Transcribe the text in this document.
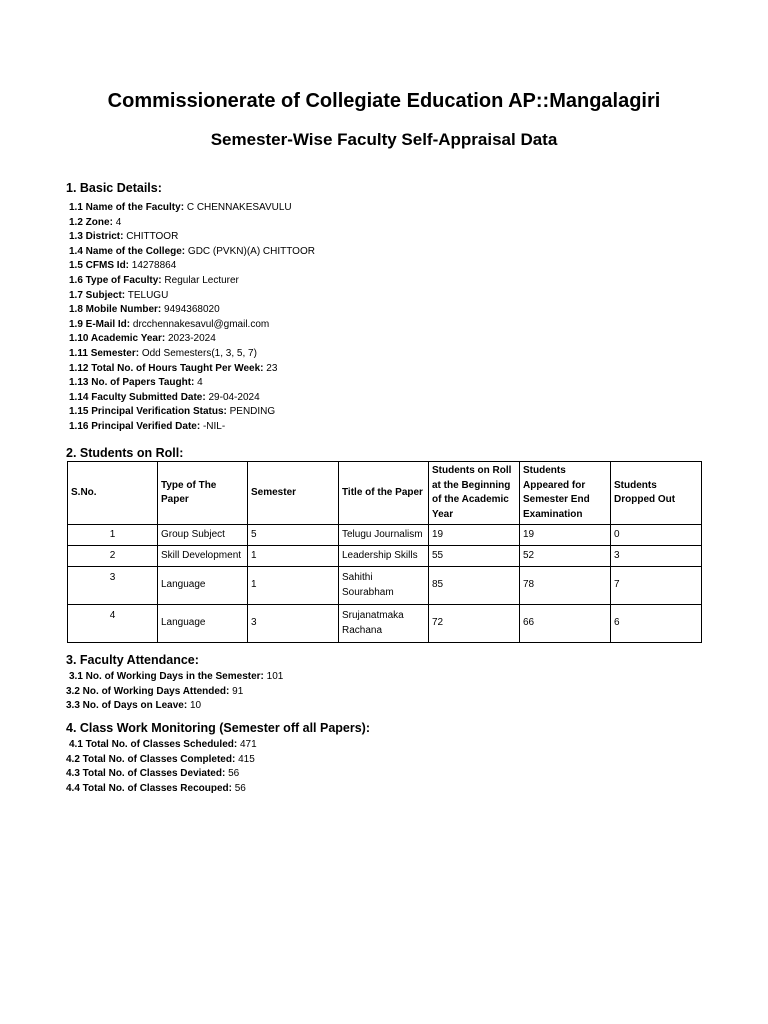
Commissionerate of Collegiate Education AP::Mangalagiri
Semester-Wise Faculty Self-Appraisal Data

1. Basic Details:

1.1 Name of the Faculty: C CHENNAKESAVULU

1.2 Zone: 4

1.3 District: CHITTOOR

1.4 Name of the College: GDC (PVKN)(A) CHITTOOR

1.5 CFMS Id: 14278864

1.6 Type of Faculty: Regular Lecturer

1.7 Subject: TELUGU

1.8 Mobile Number: 9494368020

1.9 E-Mail Id: drcchennakesavul@gmail.com

1.10 Academic Year: 2023-2024

1.11 Semester: Odd Semesters(1, 3, 5, 7)

1.12 Total No. of Hours Taught Per Week: 23

1.13 No. of Papers Taught: 4

1.14 Faculty Submitted Date: 29-04-2024

1.15 Principal Verification Status: PENDING

1.16 Principal Verified Date: -NIL-

2. Students on Roll:

S.No.	Type of The Paper	Semester	Title of the Paper	Students on Roll at the Beginning of the Academic Year	Students Appeared for Semester End Examination	Students Dropped Out
1	Group Subject	5	Telugu Journalism	19	19	0
2	Skill Development	1	Leadership Skills	55	52	3
3	Language	1	Sahithi Sourabham	85	78	7
4	Language	3	Srujanatmaka Rachana	72	66	6

3. Faculty Attendance:

3.1 No. of Working Days in the Semester: 101

3.2 No. of Working Days Attended: 91

3.3 No. of Days on Leave: 10

4. Class Work Monitoring (Semester off all Papers):

4.1 Total No. of Classes Scheduled: 471

4.2 Total No. of Classes Completed: 415

4.3 Total No. of Classes Deviated: 56

4.4 Total No. of Classes Recouped: 56
